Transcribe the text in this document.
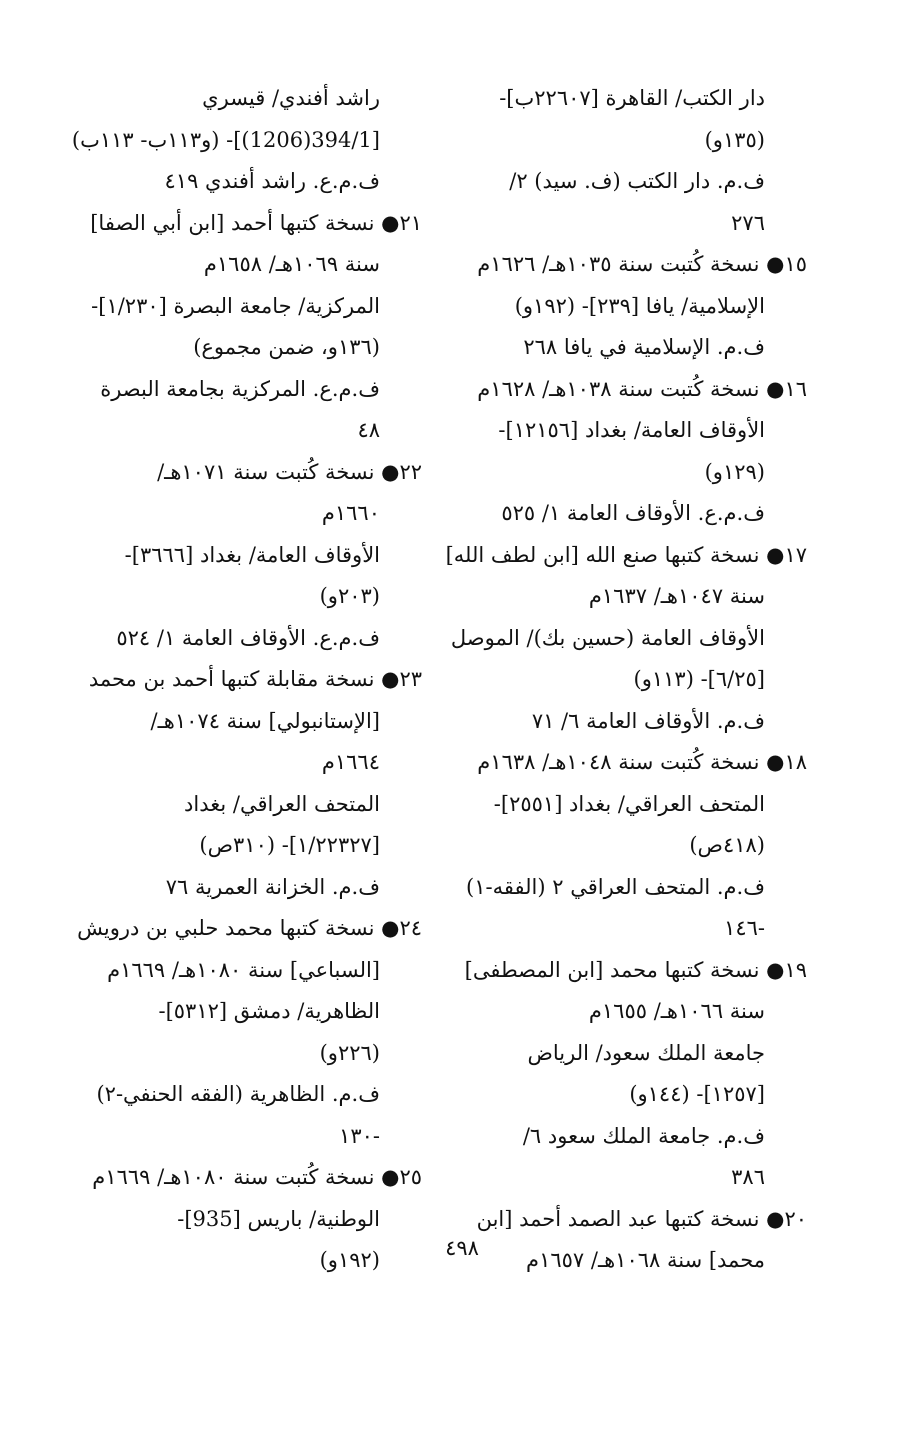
دار الكتب/ القاهرة [٢٢٦٠٧ب]-
(١٣٥و)
ف.م. دار الكتب (ف. سيد) ٢/
٢٧٦
١٥● نسخة كُتبت سنة ١٠٣٥هـ/ ١٦٢٦م
الإسلامية/ يافا [٢٣٩]- (١٩٢و)
ف.م. الإسلامية في يافا ٢٦٨
١٦● نسخة كُتبت سنة ١٠٣٨هـ/ ١٦٢٨م
الأوقاف العامة/ بغداد [١٢١٥٦]-
(١٢٩و)
ف.م.ع. الأوقاف العامة ١/ ٥٢٥
١٧● نسخة كتبها صنع الله [ابن لطف الله]
سنة ١٠٤٧هـ/ ١٦٣٧م
الأوقاف العامة (حسين بك)/ الموصل
[٦/٢٥]- (١١٣و)
ف.م. الأوقاف العامة ٦/ ٧١
١٨● نسخة كُتبت سنة ١٠٤٨هـ/ ١٦٣٨م
المتحف العراقي/ بغداد [٢٥٥١]-
(٤١٨ص)
ف.م. المتحف العراقي ٢ (الفقه-١)
-١٤٦
١٩● نسخة كتبها محمد [ابن المصطفى]
سنة ١٠٦٦هـ/ ١٦٥٥م
جامعة الملك سعود/ الرياض
[١٢٥٧]- (١٤٤و)
ف.م. جامعة الملك سعود ٦/
٣٨٦
٢٠● نسخة كتبها عبد الصمد أحمد [ابن
محمد] سنة ١٠٦٨هـ/ ١٦٥٧م
راشد أفندي/ قيسري
[394/1(1206)]- (و١١٣ب- ١١٣ب)
ف.م.ع. راشد أفندي ٤١٩
٢١● نسخة كتبها أحمد [ابن أبي الصفا]
سنة ١٠٦٩هـ/ ١٦٥٨م
المركزية/ جامعة البصرة [١/٢٣٠]-
(١٣٦و، ضمن مجموع)
ف.م.ع. المركزية بجامعة البصرة
٤٨
٢٢● نسخة كُتبت سنة ١٠٧١هـ/
١٦٦٠م
الأوقاف العامة/ بغداد [٣٦٦٦]-
(٢٠٣و)
ف.م.ع. الأوقاف العامة ١/ ٥٢٤
٢٣● نسخة مقابلة كتبها أحمد بن محمد
[الإستانبولي] سنة ١٠٧٤هـ/
١٦٦٤م
المتحف العراقي/ بغداد
[١/٢٢٣٢٧]- (٣١٠ص)
ف.م. الخزانة العمرية ٧٦
٢٤● نسخة كتبها محمد حلبي بن درويش
[السباعي] سنة ١٠٨٠هـ/ ١٦٦٩م
الظاهرية/ دمشق [٥٣١٢]-
(٢٢٦و)
ف.م. الظاهرية (الفقه الحنفي-٢)
-١٣٠
٢٥● نسخة كُتبت سنة ١٠٨٠هـ/ ١٦٦٩م
الوطنية/ باريس [935]-
(١٩٢و)	٤٩٨
